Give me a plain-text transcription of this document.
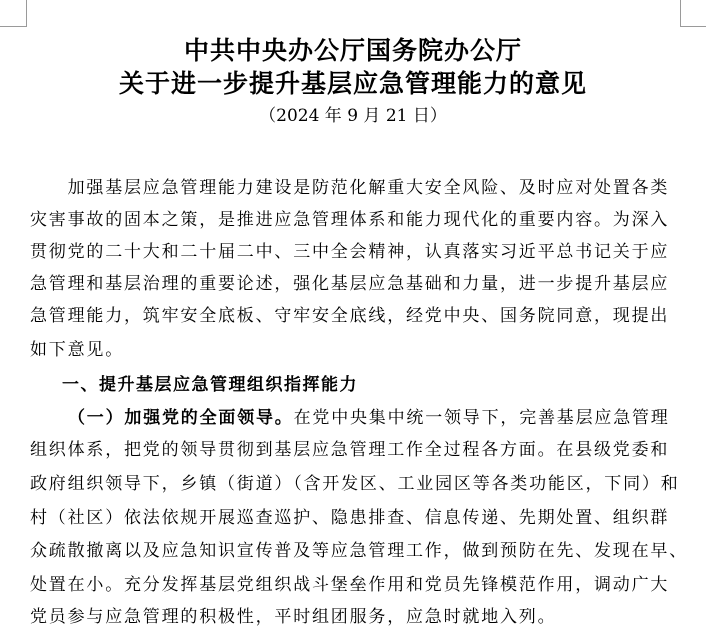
中共中央办公厅国务院办公厅
关于进一步提升基层应急管理能力的意见
（2024 年 9 月 21 日）
　　加强基层应急管理能力建设是防范化解重大安全风险、及时应对处置各类
灾害事故的固本之策，是推进应急管理体系和能力现代化的重要内容。为深入
贯彻党的二十大和二十届二中、三中全会精神，认真落实习近平总书记关于应
急管理和基层治理的重要论述，强化基层应急基础和力量，进一步提升基层应
急管理能力，筑牢安全底板、守牢安全底线，经党中央、国务院同意，现提出
如下意见。
一、提升基层应急管理组织指挥能力
（一）加强党的全面领导。在党中央集中统一领导下，完善基层应急管理
组织体系，把党的领导贯彻到基层应急管理工作全过程各方面。在县级党委和
政府组织领导下，乡镇（街道）（含开发区、工业园区等各类功能区，下同）和
村（社区）依法依规开展巡查巡护、隐患排查、信息传递、先期处置、组织群
众疏散撤离以及应急知识宣传普及等应急管理工作，做到预防在先、发现在早、
处置在小。充分发挥基层党组织战斗堡垒作用和党员先锋模范作用，调动广大
党员参与应急管理的积极性，平时组团服务，应急时就地入列。
